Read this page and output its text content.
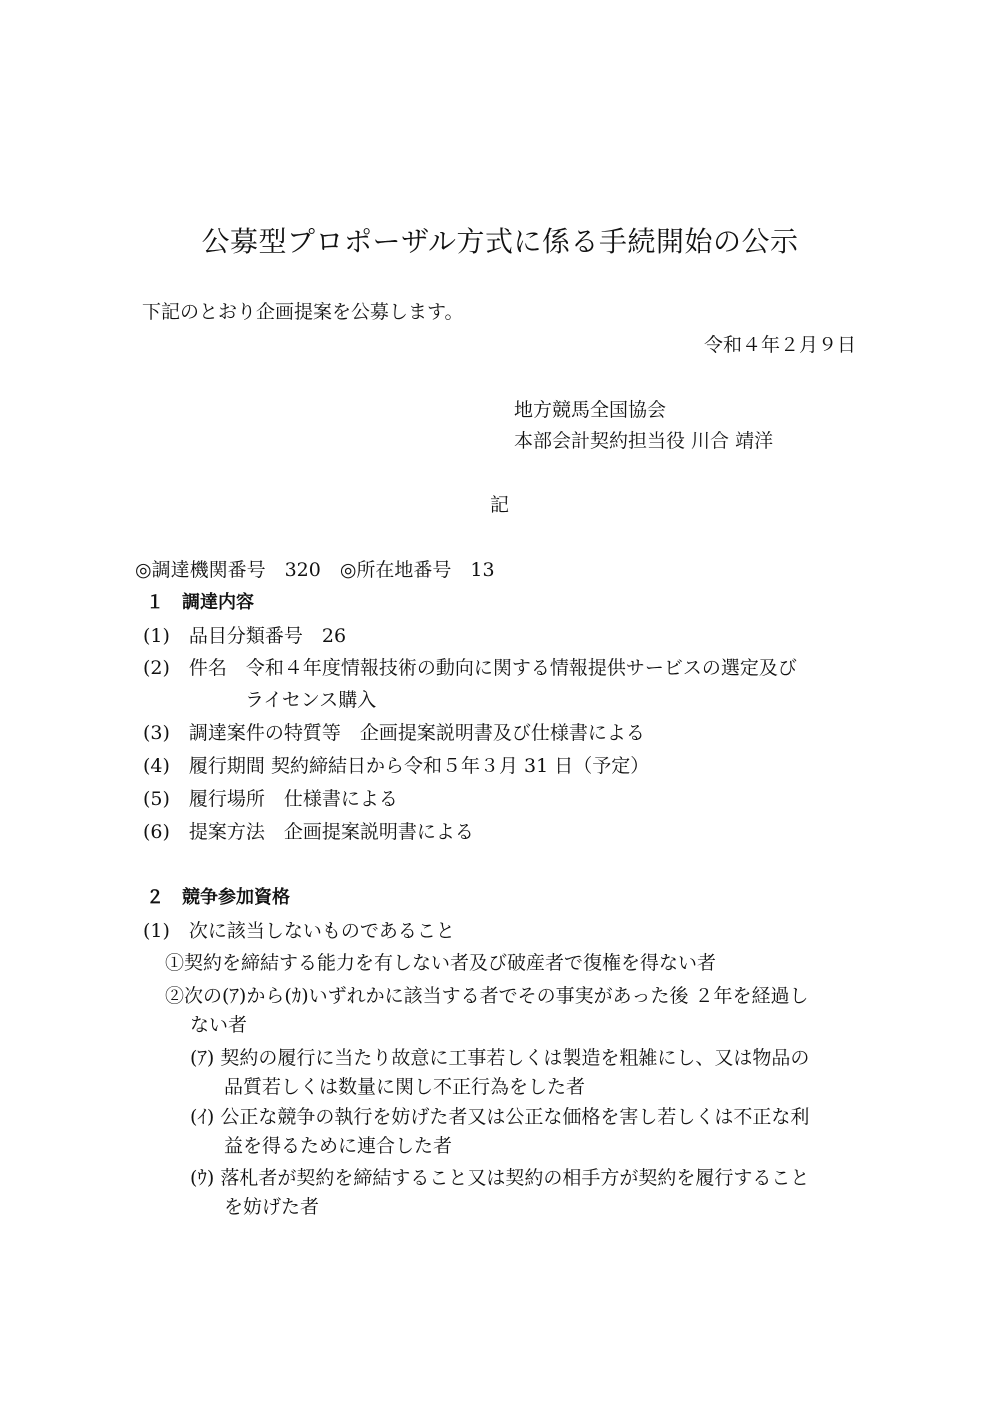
公募型プロポーザル方式に係る手続開始の公示
下記のとおり企画提案を公募します。
令和４年２月９日
地方競馬全国協会
本部会計契約担当役 川合 靖洋
記
◎調達機関番号　320　◎所在地番号　13
１　調達内容
(1)　品目分類番号　26
(2)　件名　令和４年度情報技術の動向に関する情報提供サービスの選定及び
ライセンス購入
(3)　調達案件の特質等　企画提案説明書及び仕様書による
(4)　履行期間 契約締結日から令和５年３月 31 日（予定）
(5)　履行場所　仕様書による
(6)　提案方法　企画提案説明書による
２　競争参加資格
(1)　次に該当しないものであること
①契約を締結する能力を有しない者及び破産者で復権を得ない者
②次の(ｱ)から(ｶ)いずれかに該当する者でその事実があった後 ２年を経過し
ない者
(ｱ) 契約の履行に当たり故意に工事若しくは製造を粗雑にし、又は物品の
品質若しくは数量に関し不正行為をした者
(ｲ) 公正な競争の執行を妨げた者又は公正な価格を害し若しくは不正な利
益を得るために連合した者
(ｳ) 落札者が契約を締結すること又は契約の相手方が契約を履行すること
を妨げた者
